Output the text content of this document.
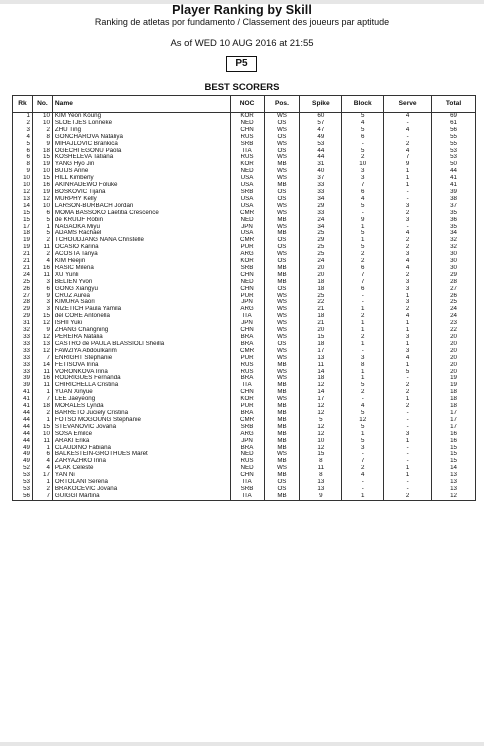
Player Ranking by Skill
Ranking de atletas por fundamento / Classement des joueurs par aptitude
As of WED 10 AUG 2016 at 21:55
P5
BEST SCORERS
Rk	No.	Name	NOC	Pos.	Spike	Block	Serve	Total
1	10	KIM Yeon Koung	KOR	WS	60	5	4	69
2	10	SLOETJES Lonneke	NED	OS	57	4	-	61
3	2	ZHU Ting	CHN	WS	47	5	4	56
4	8	GONCHAROVA Nataliya	RUS	OS	49	6	-	55
5	9	MIHAJLOVIC Brankica	SRB	WS	53	-	2	55
6	18	OGECHI EGONU Paola	ITA	OS	44	5	4	53
6	15	KOSHELEVA Tatiana	RUS	WS	44	2	7	53
8	19	YANG Hyo Jin	KOR	MB	31	10	9	50
9	10	BUIJS Anne	NED	WS	40	3	1	44
10	15	HILL Kimberly	USA	WS	37	3	1	41
10	16	AKINRADEWO Foluke	USA	MB	33	7	1	41
12	19	BOSKOVIC Tijana	SRB	OS	33	6	-	39
13	12	MURPHY Kelly	USA	OS	34	4	-	38
14	10	LARSON-BURBACH Jordan	USA	WS	29	5	3	37
15	6	MOMA BASSOKO Laetitia Crescence	CMR	WS	33	-	2	35
15	5	de KRUIJF Robin	NED	MB	24	9	3	36
17	1	NAGAOKA Miyu	JPN	WS	34	1	-	35
18	5	ADAMS Rachael	USA	MB	25	5	4	34
19	2	TCHOUDJANG NANA Christelle	CMR	OS	29	1	2	32
19	11	OCASIO Karina	PUR	OS	25	5	2	32
21	2	ACOSTA Tanya	ARG	WS	25	2	3	30
21	4	KIM Heejin	KOR	OS	24	2	4	30
21	16	RASIC Milena	SRB	MB	20	6	4	30
24	11	XU Yunli	CHN	MB	20	7	2	29
25	3	BELIEN Yvon	NED	MB	18	7	3	28
26	6	GONG Xiangyu	CHN	OS	18	6	3	27
27	9	CRUZ Aurea	PUR	WS	25	-	1	26
28	3	KIMURA Saori	JPN	WS	22	-	3	25
29	3	NIZETICH Paula Yamila	ARG	WS	21	1	2	24
29	15	del CORE Antonella	ITA	WS	18	2	4	24
31	12	ISHII Yuki	JPN	WS	21	1	1	23
32	9	ZHANG Changning	CHN	WS	20	1	1	22
33	12	PEREIRA Natalia	BRA	WS	15	2	3	20
33	13	CASTRO de PAULA BLASSIOLI Sheilla	BRA	OS	18	1	1	20
33	12	FAWZIYA Abdoulkarim	CMR	WS	17	-	3	20
33	7	ENRIGHT Stephanie	PUR	WS	13	3	4	20
33	14	FETISOVA Irina	RUS	MB	11	8	1	20
33	11	VORONKOVA Irina	RUS	WS	14	1	5	20
39	16	RODRIGUES Fernanda	BRA	WS	18	1	-	19
39	11	CHIRICHELLA Cristina	ITA	MB	12	5	2	19
41	1	YUAN Xinyue	CHN	MB	14	2	2	18
41	7	LEE Jaeyeong	KOR	WS	17	-	1	18
41	18	MORALES Lynda	PUR	MB	12	4	2	18
44	2	BARRETO Juciely Cristina	BRA	MB	12	5	-	17
44	1	FOTSO MOGOUNG Stephanie	CMR	MB	5	12	-	17
44	15	STEVANOVIC Jovana	SRB	MB	12	5	-	17
44	10	SOSA Emilce	ARG	MB	12	1	3	16
44	11	ARAKI Erika	JPN	MB	10	5	1	16
49	1	CLAUDINO Fabiana	BRA	MB	12	3	-	15
49	6	BALKESTEIN-GROTHUES Maret	NED	WS	15	-	-	15
49	4	ZARYAZHKO Irina	RUS	MB	8	7	-	15
52	4	PLAK Celeste	NED	WS	11	2	1	14
53	17	YAN Ni	CHN	MB	8	4	1	13
53	1	ORTOLANI Serena	ITA	OS	13	-	-	13
53	2	BRAKOCEVIC Jovana	SRB	OS	13	-	-	13
56	7	GUIGGI Martina	ITA	MB	9	1	2	12
